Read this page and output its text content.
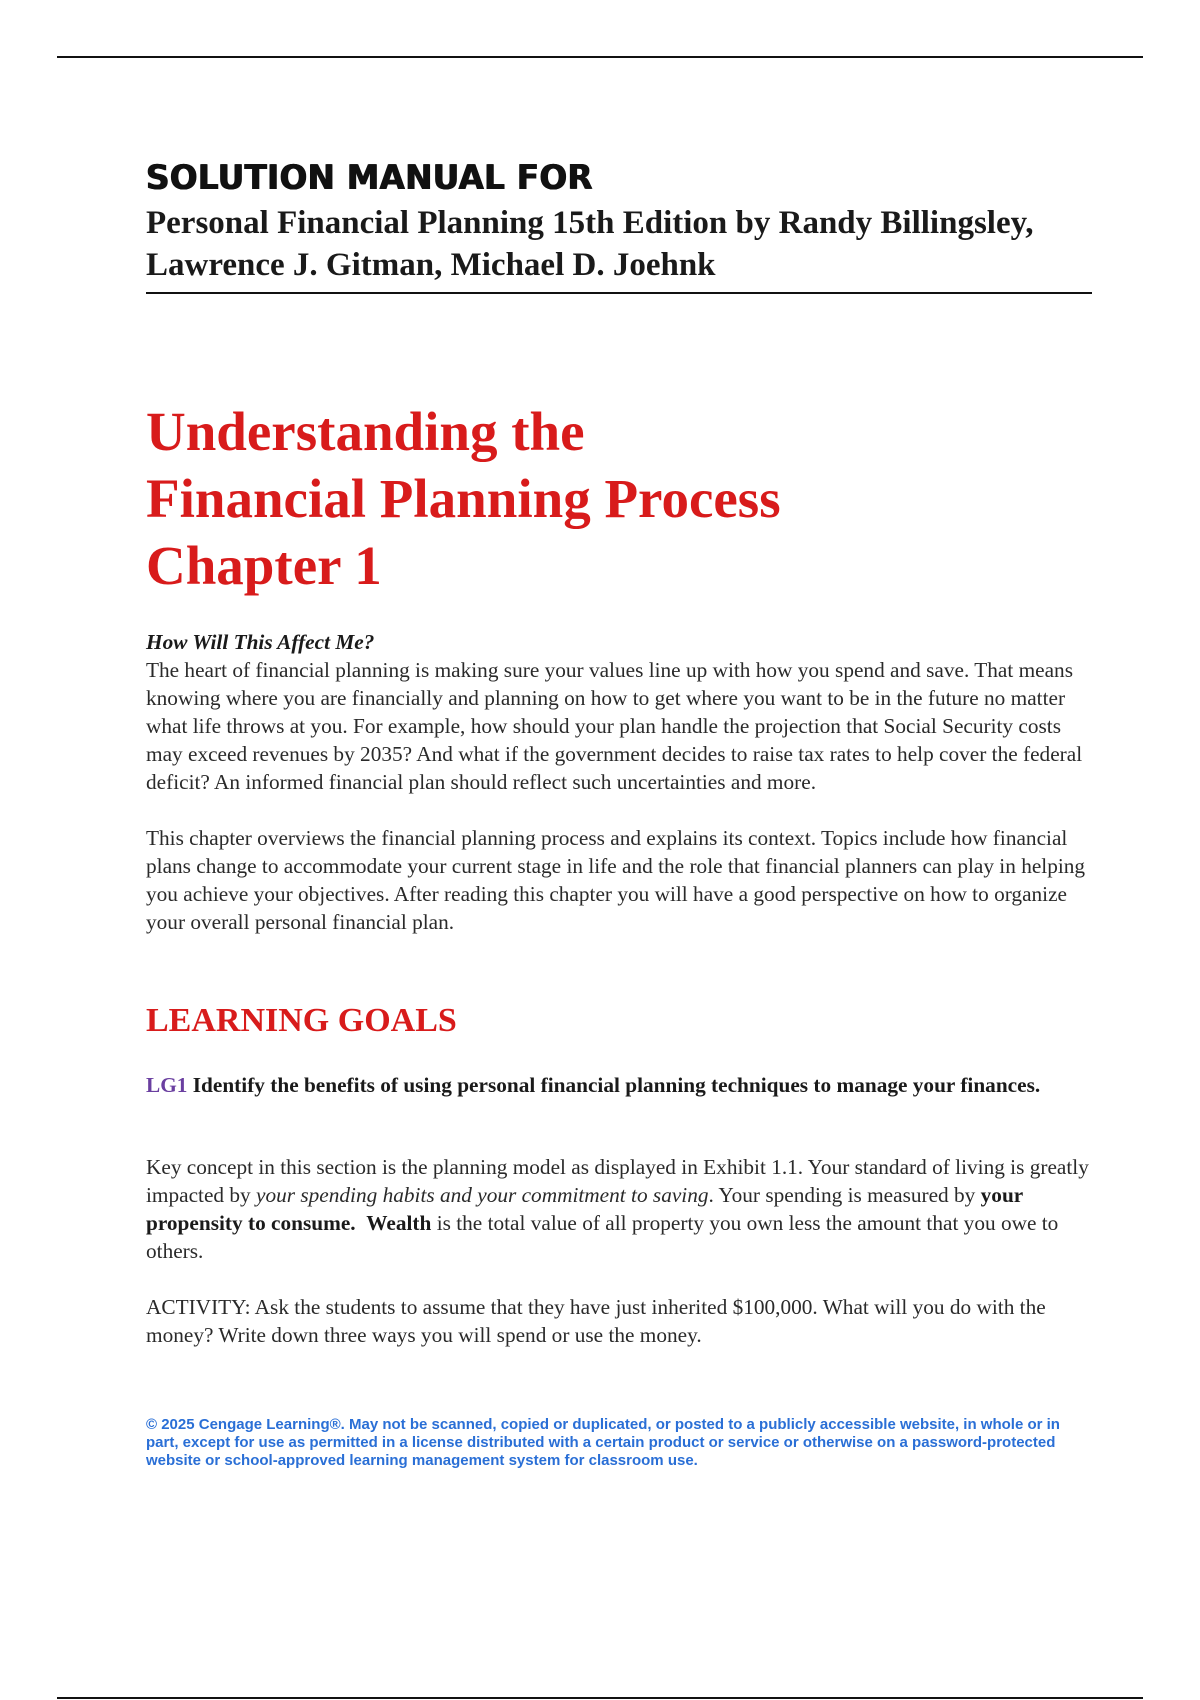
SOLUTION MANUAL FOR
Personal Financial Planning 15th Edition by Randy Billingsley, Lawrence J. Gitman, Michael D. Joehnk
Understanding the
Financial Planning Process
Chapter 1

How Will This Affect Me?
The heart of financial planning is making sure your values line up with how you spend and save. That means knowing where you are financially and planning on how to get where you want to be in the future no matter what life throws at you. For example, how should your plan handle the projection that Social Security costs may exceed revenues by 2035? And what if the government decides to raise tax rates to help cover the federal deficit? An informed financial plan should reflect such uncertainties and more.

This chapter overviews the financial planning process and explains its context. Topics include how financial plans change to accommodate your current stage in life and the role that financial planners can play in helping you achieve your objectives. After reading this chapter you will have a good perspective on how to organize your overall personal financial plan.

LEARNING GOALS
LG1 Identify the benefits of using personal financial planning techniques to manage your finances.
Key concept in this section is the planning model as displayed in Exhibit 1.1. Your standard of living is greatly impacted by your spending habits and your commitment to saving. Your spending is measured by your propensity to consume. Wealth is the total value of all property you own less the amount that you owe to others.
ACTIVITY: Ask the students to assume that they have just inherited $100,000. What will you do with the money? Write down three ways you will spend or use the money.
© 2025 Cengage Learning®. May not be scanned, copied or duplicated, or posted to a publicly accessible website, in whole or in part, except for use as permitted in a license distributed with a certain product or service or otherwise on a password-protected website or school-approved learning management system for classroom use.
